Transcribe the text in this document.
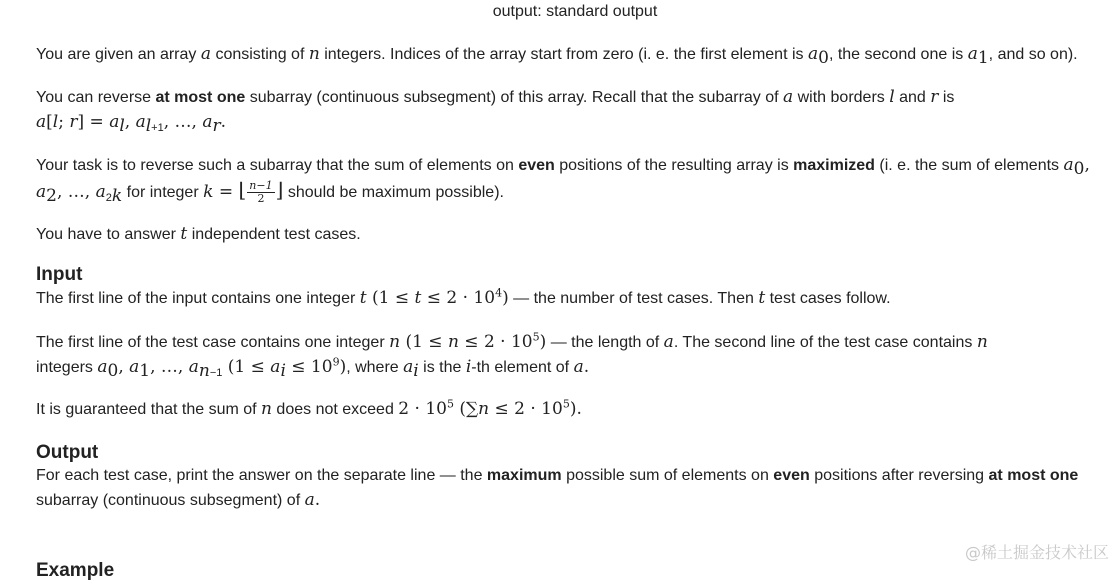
output: standard output

You are given an array a consisting of n integers. Indices of the array start from zero (i. e. the first element is $a_0$, the second one is $a_1$, and so on).

You can reverse at most one subarray (continuous subsegment) of this array. Recall that the subarray of a with borders l and r is
a[l; $r] = a_l$, $a_{l+1}$, …, $a_r$.

Your task is to reverse such a subarray that the sum of elements on even positions of the resulting array is maximized (i. e. the sum of elements $a_0$, $a_2$, …, $a_{2k}$ for integer k = ⌊ $\frac{n-1}{2}$ ⌋ should be maximum possible).

You have to answer t independent test cases.

Input

The first line of the input contains one integer t $(1 \le t \le 2 \cdot 10^4)$ — the number of test cases. Then t test cases follow.

The first line of the test case contains one integer n $(1 \le n \le 2 \cdot 10^5)$ — the length of a. The second line of the test case contains n
integers $a_0$, $a_1$, …, $a_{n-1}$ $(1 \le a_i \le 10^9)$, where $a_i$ is the i-th element of a.

It is guaranteed that the sum of n does not exceed $2 \cdot 10^5$ $(\sum n \le 2 \cdot 10^5)$.

Output

For each test case, print the answer on the separate line — the maximum possible sum of elements on even positions after reversing at most one subarray (continuous subsegment) of a.

Example
@稀土掘金技术社区
